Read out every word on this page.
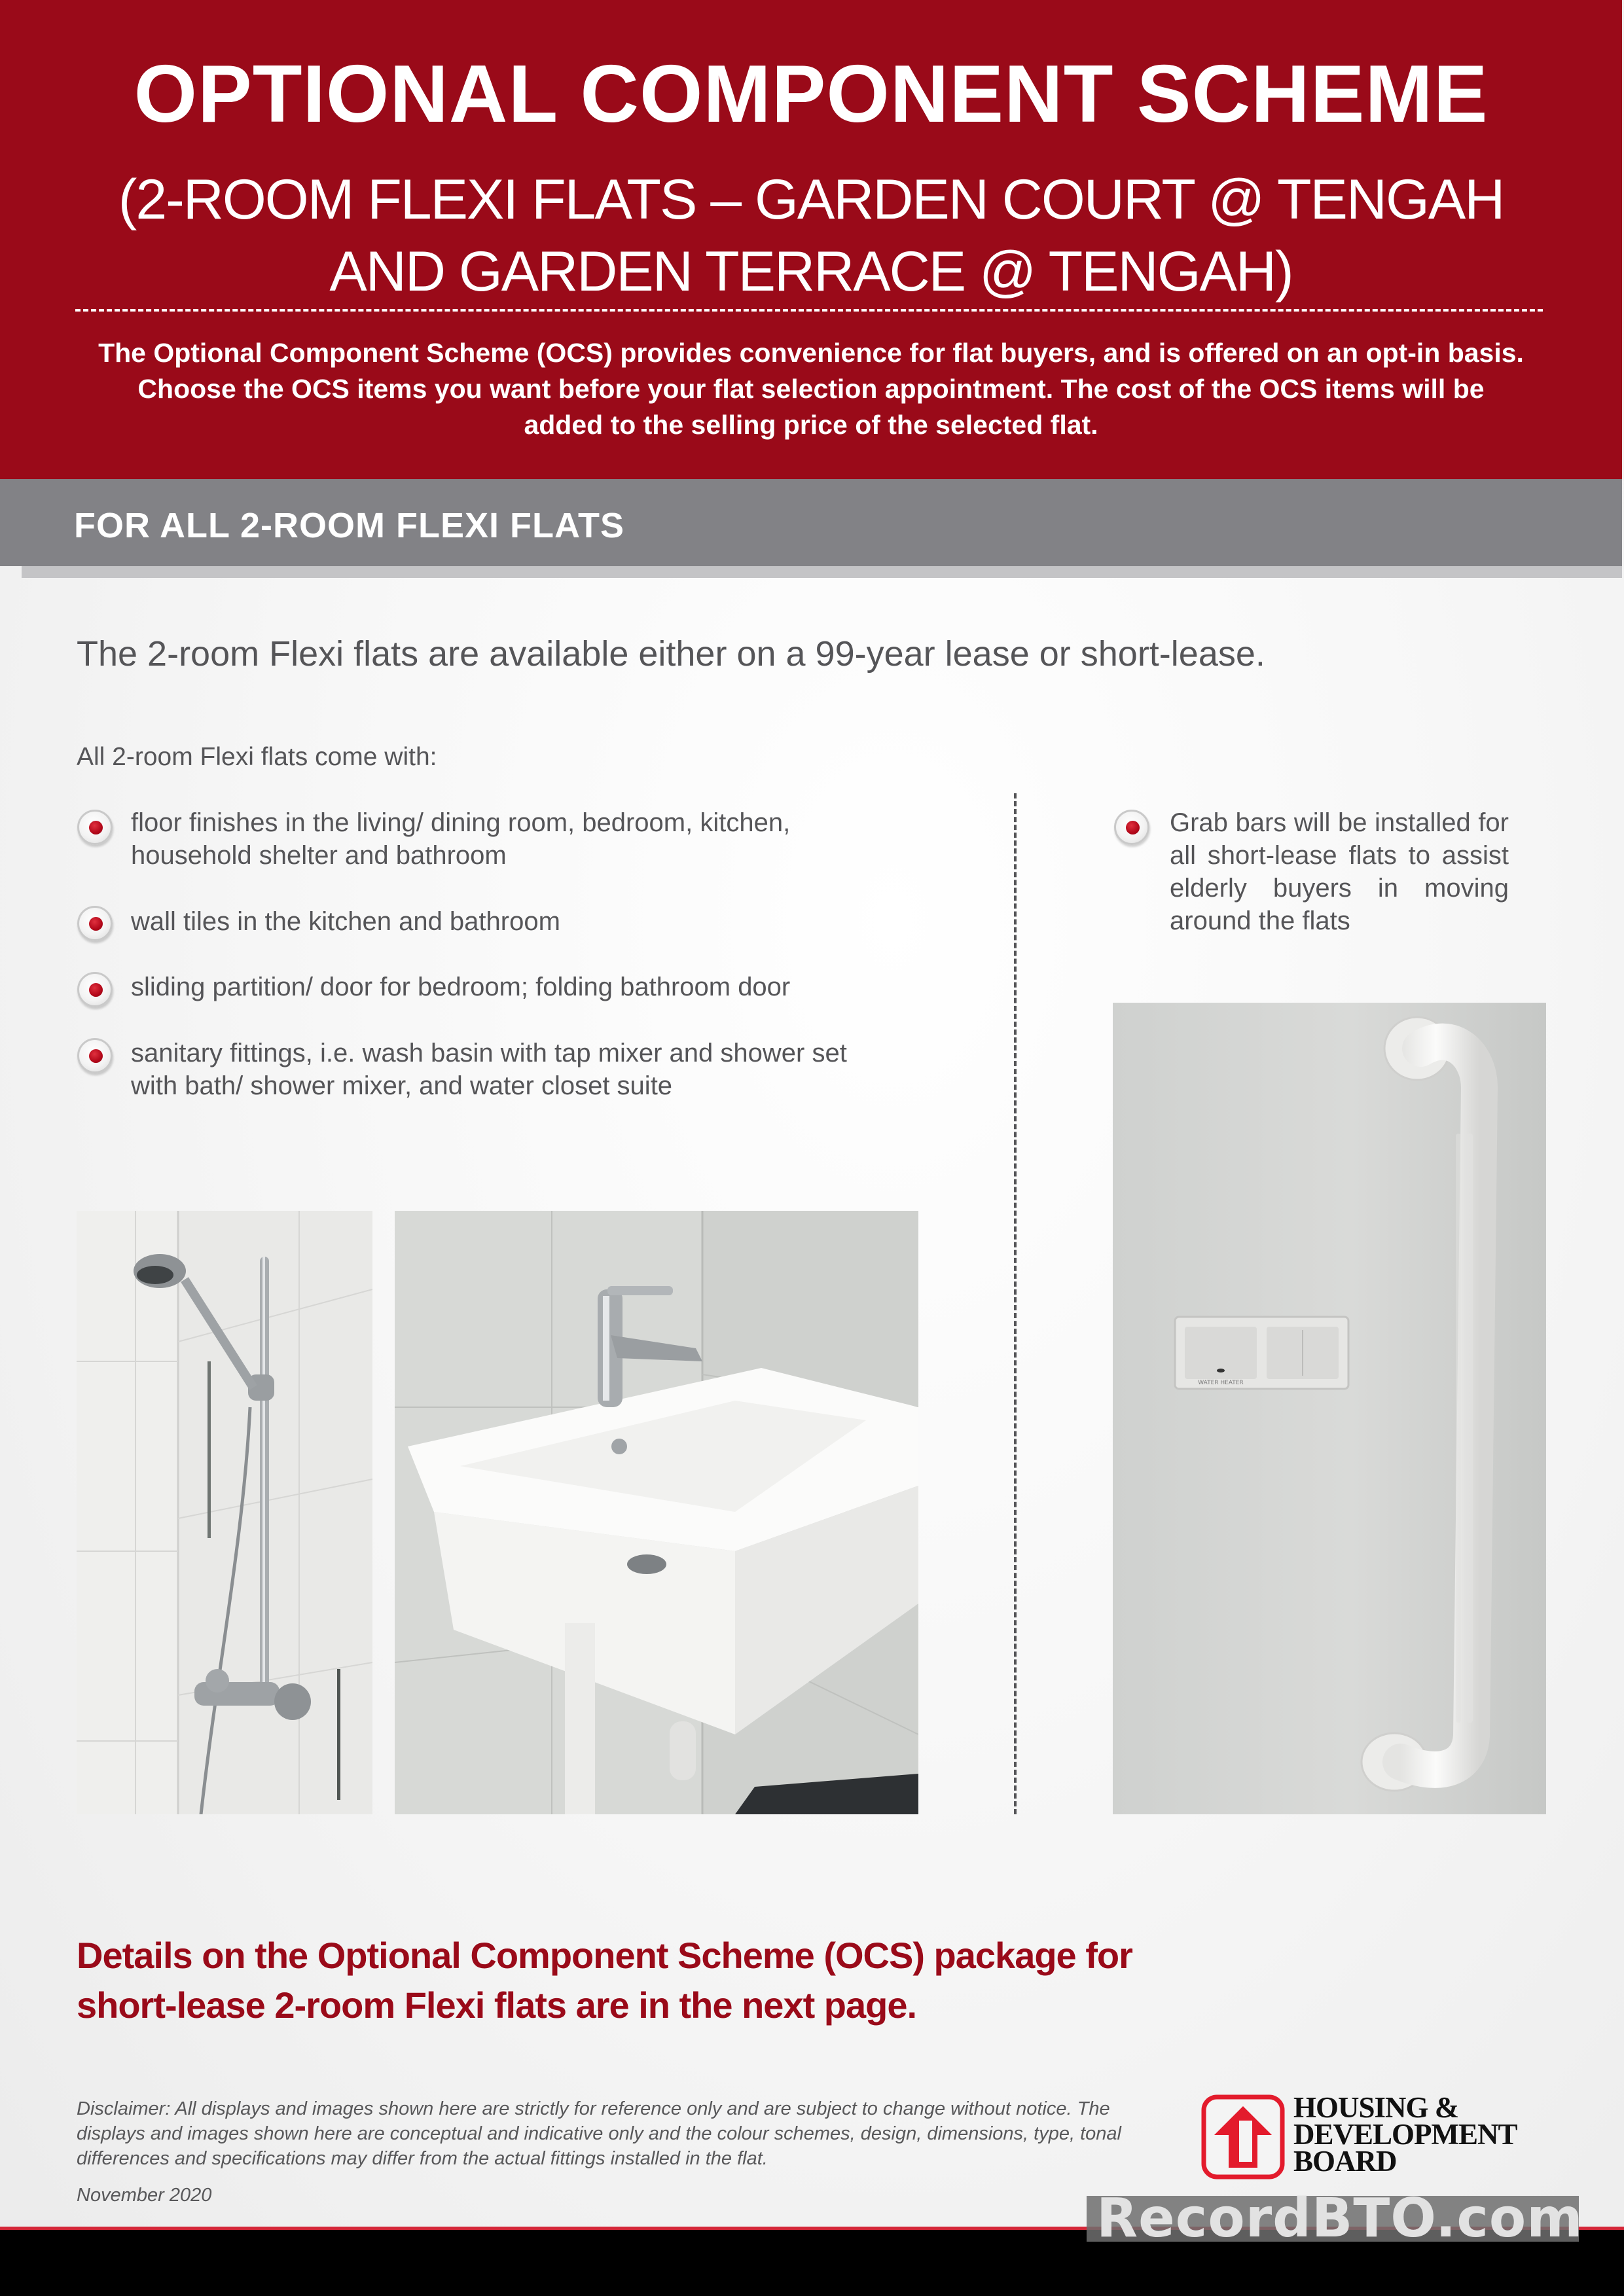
OPTIONAL COMPONENT SCHEME
(2-ROOM FLEXI FLATS – GARDEN COURT @ TENGAH
AND GARDEN TERRACE @ TENGAH)
The Optional Component Scheme (OCS) provides convenience for flat buyers, and is offered on an opt-in basis. Choose the OCS items you want before your flat selection appointment. The cost of the OCS items will be added to the selling price of the selected flat.
FOR ALL 2-ROOM FLEXI FLATS
The 2-room Flexi flats are available either on a 99-year lease or short-lease.
All 2-room Flexi flats come with:
floor finishes in the living/ dining room, bedroom, kitchen,
household shelter and bathroom
wall tiles in the kitchen and bathroom
sliding partition/ door for bedroom; folding bathroom door
sanitary fittings, i.e. wash basin with tap mixer and shower set
with bath/ shower mixer, and water closet suite
Grab bars will be installed for all short-lease flats to assist elderly buyers in moving around the flats
WATER HEATER
Details on the Optional Component Scheme (OCS) package for
short-lease 2-room Flexi flats are in the next page.
Disclaimer: All displays and images shown here are strictly for reference only and are subject to change without notice. The displays and images shown here are conceptual and indicative only and the colour schemes, design, dimensions, type, tonal differences and specifications may differ from the actual fittings installed in the flat.
November 2020
HOUSING &
DEVELOPMENT
BOARD
RecordBTO.com
